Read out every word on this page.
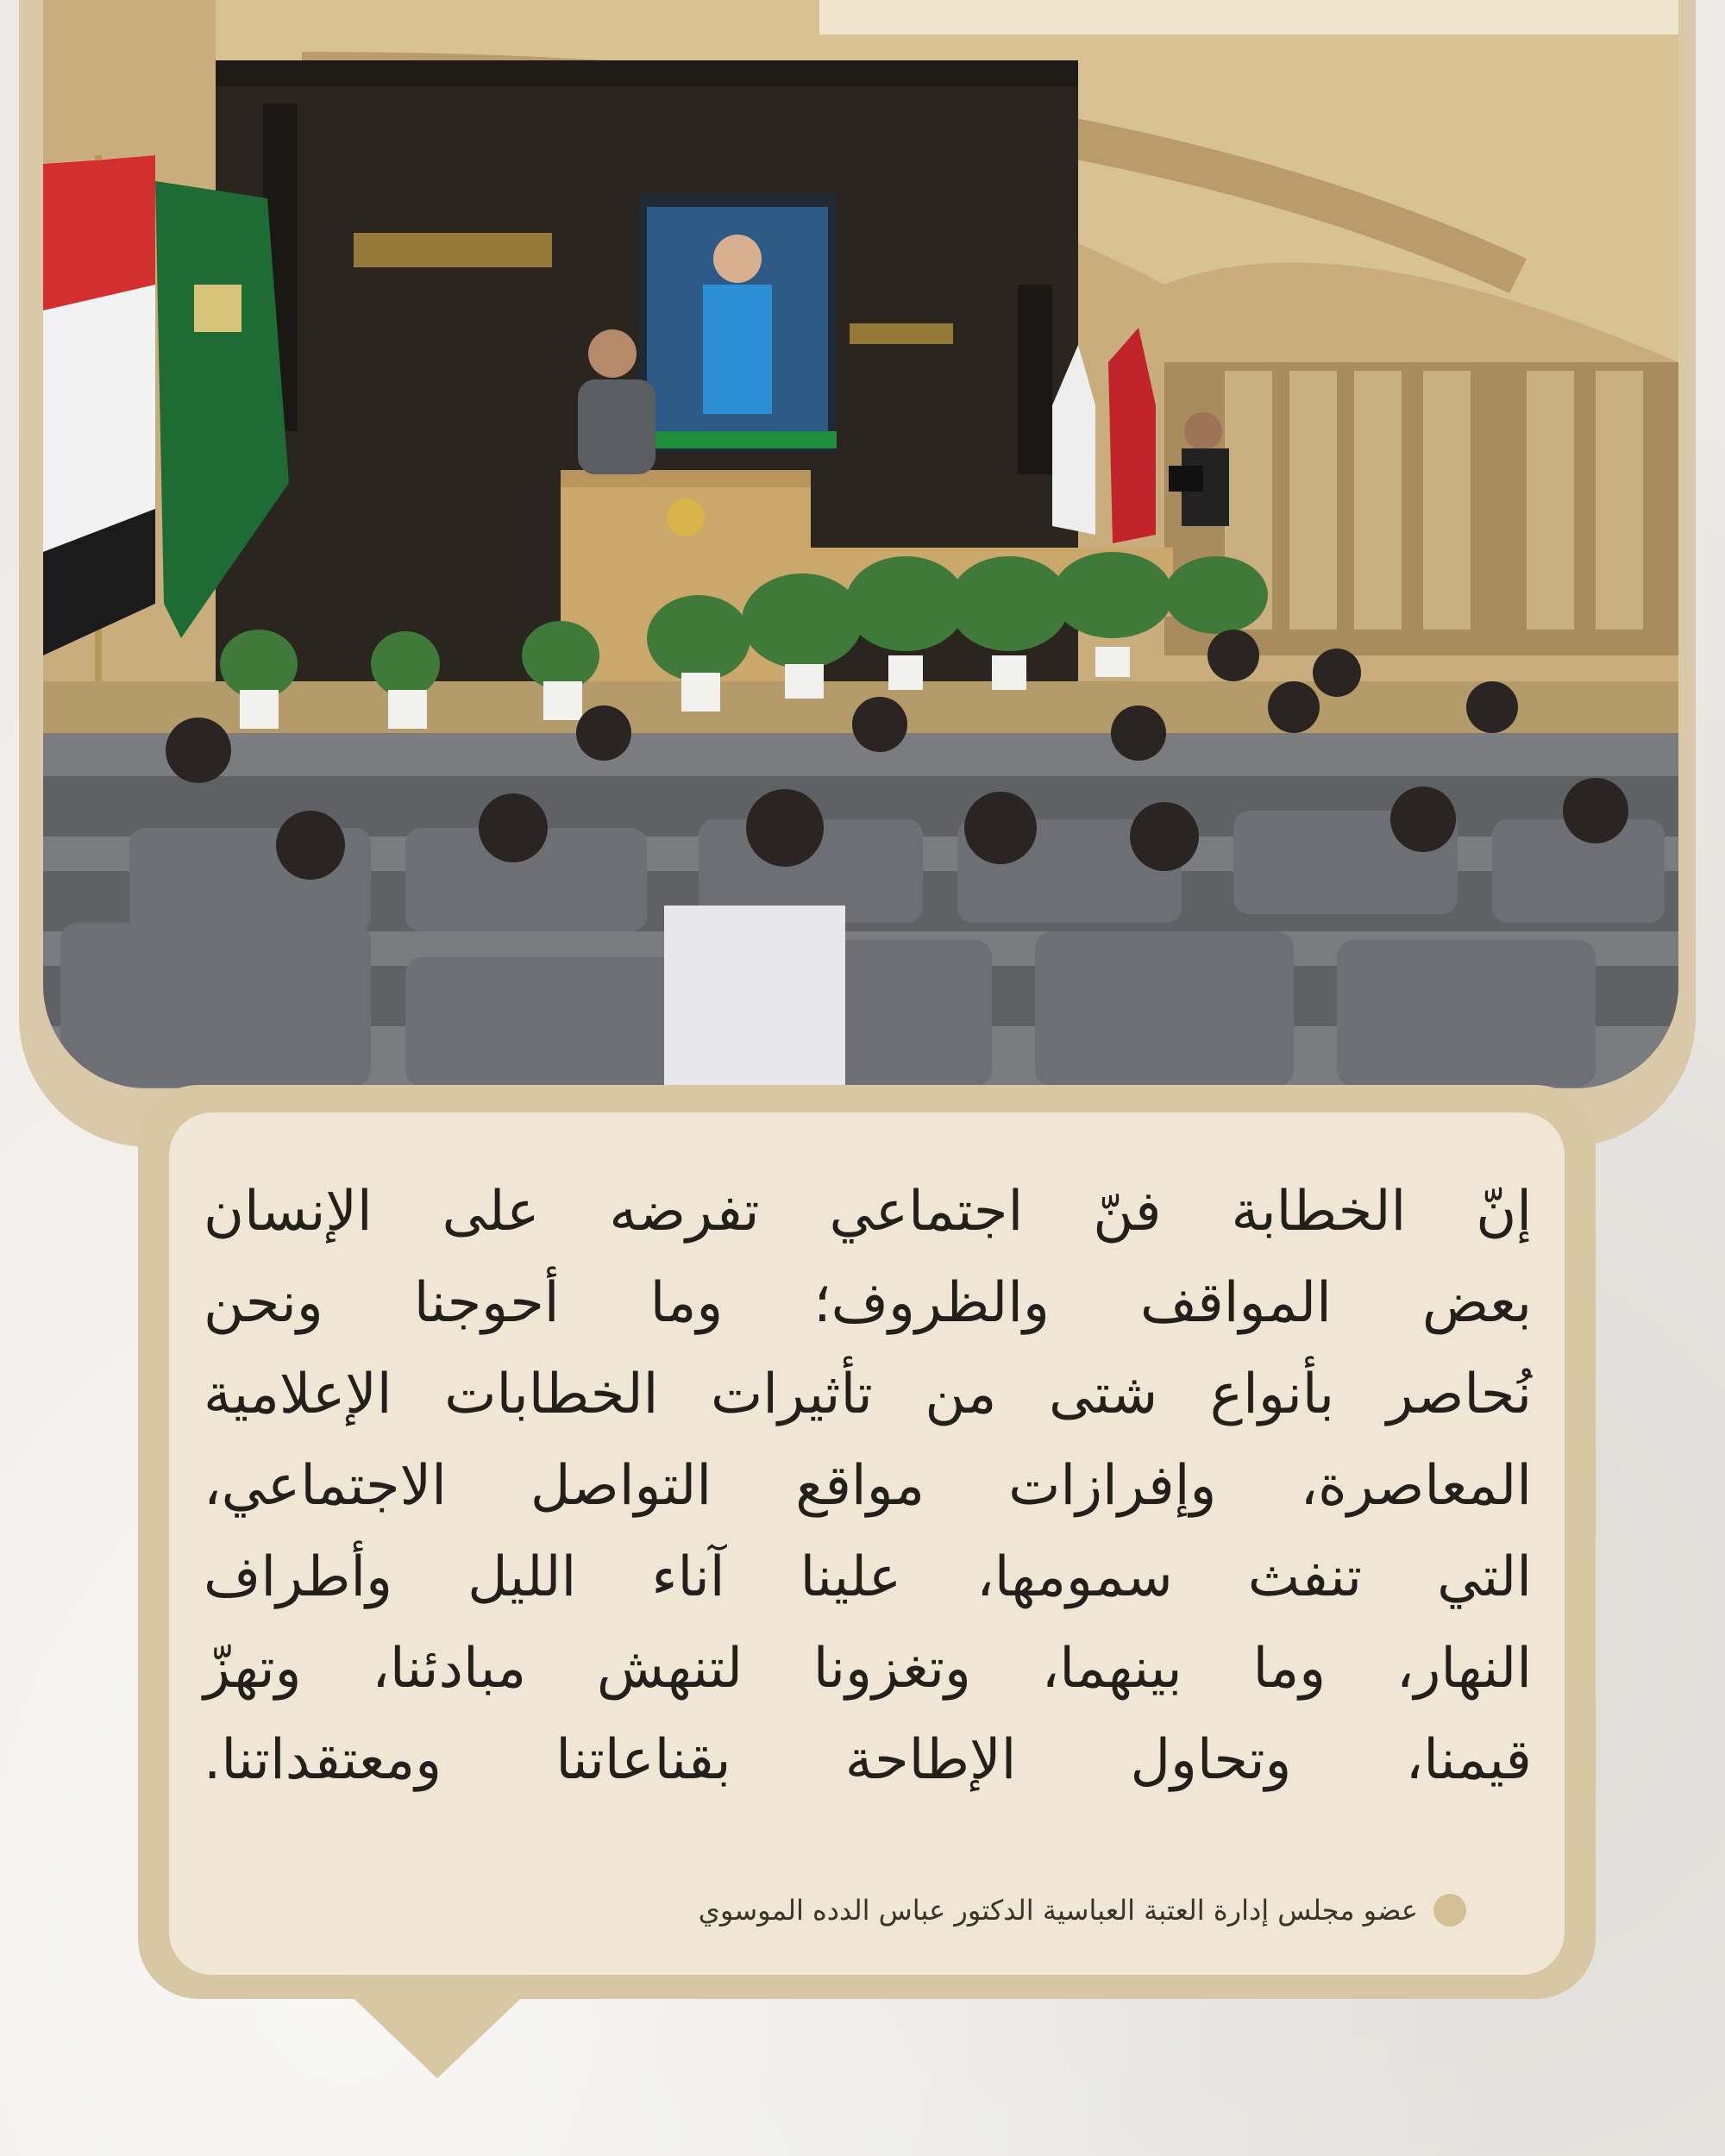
إنّ الخطابة فنّ اجتماعي تفرضه على الإنسان
بعض المواقف والظروف؛ وما أحوجنا ونحن
نُحاصر بأنواع شتى من تأثيرات الخطابات الإعلامية
المعاصرة، وإفرازات مواقع التواصل الاجتماعي،
التي تنفث سمومها، علينا آناء الليل وأطراف
النهار، وما بينهما، وتغزونا لتنهش مبادئنا، وتهزّ
قيمنا، وتحاول الإطاحة بقناعاتنا ومعتقداتنا.
عضو مجلس إدارة العتبة العباسية الدكتور عباس الدده الموسوي
